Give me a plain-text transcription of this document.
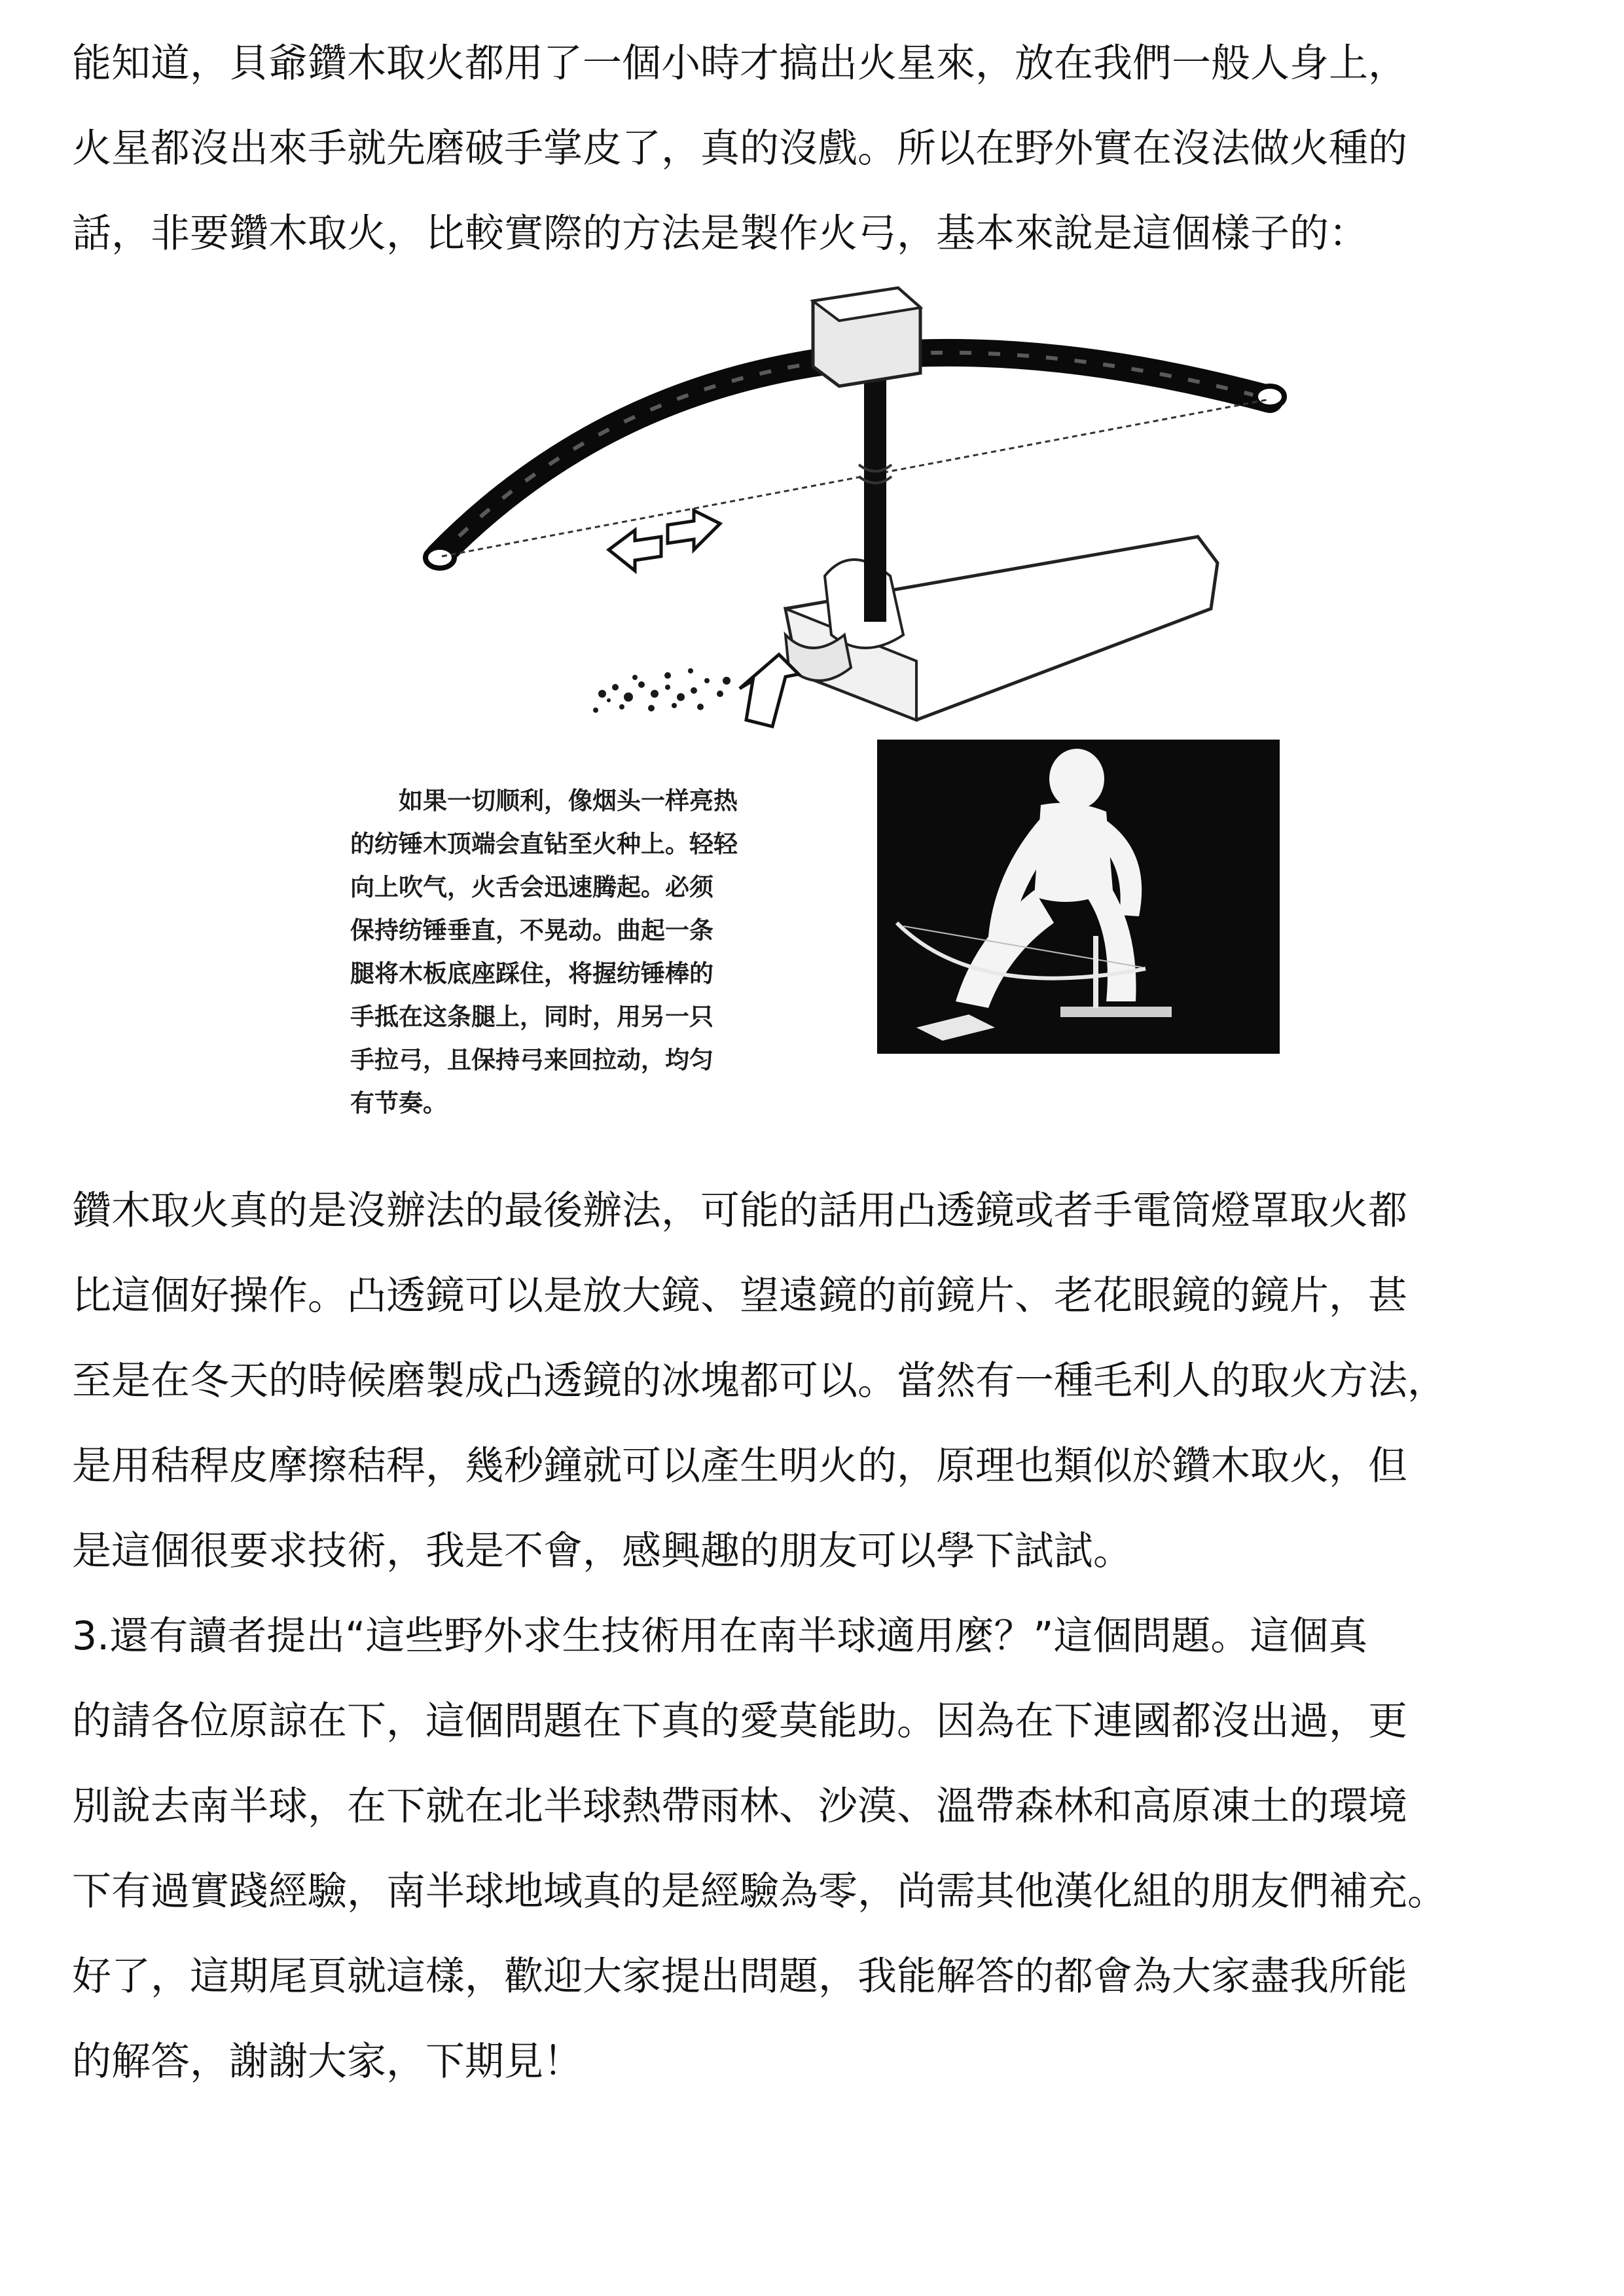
能知道，貝爺鑽木取火都用了一個小時才搞出火星來，放在我們一般人身上，
火星都沒出來手就先磨破手掌皮了，真的沒戲。所以在野外實在沒法做火種的
話，非要鑽木取火，比較實際的方法是製作火弓，基本來說是這個樣子的：

如果一切顺利，像烟头一样亮热
的纺锤木顶端会直钻至火种上。轻轻
向上吹气，火舌会迅速腾起。必须
保持纺锤垂直，不晃动。曲起一条
腿将木板底座踩住，将握纺锤棒的
手抵在这条腿上，同时，用另一只
手拉弓，且保持弓来回拉动，均匀
有节奏。

鑽木取火真的是沒辦法的最後辦法，可能的話用凸透鏡或者手電筒燈罩取火都
比這個好操作。凸透鏡可以是放大鏡、望遠鏡的前鏡片、老花眼鏡的鏡片，甚
至是在冬天的時候磨製成凸透鏡的冰塊都可以。當然有一種毛利人的取火方法，
是用秸稈皮摩擦秸稈，幾秒鐘就可以產生明火的，原理也類似於鑽木取火，但
是這個很要求技術，我是不會，感興趣的朋友可以學下試試。

3.還有讀者提出“這些野外求生技術用在南半球適用麼？”這個問題。這個真
的請各位原諒在下，這個問題在下真的愛莫能助。因為在下連國都沒出過，更
別說去南半球，在下就在北半球熱帶雨林、沙漠、溫帶森林和高原凍土的環境
下有過實踐經驗，南半球地域真的是經驗為零，尚需其他漢化組的朋友們補充。

好了，這期尾頁就這樣，歡迎大家提出問題，我能解答的都會為大家盡我所能
的解答，謝謝大家，下期見！
